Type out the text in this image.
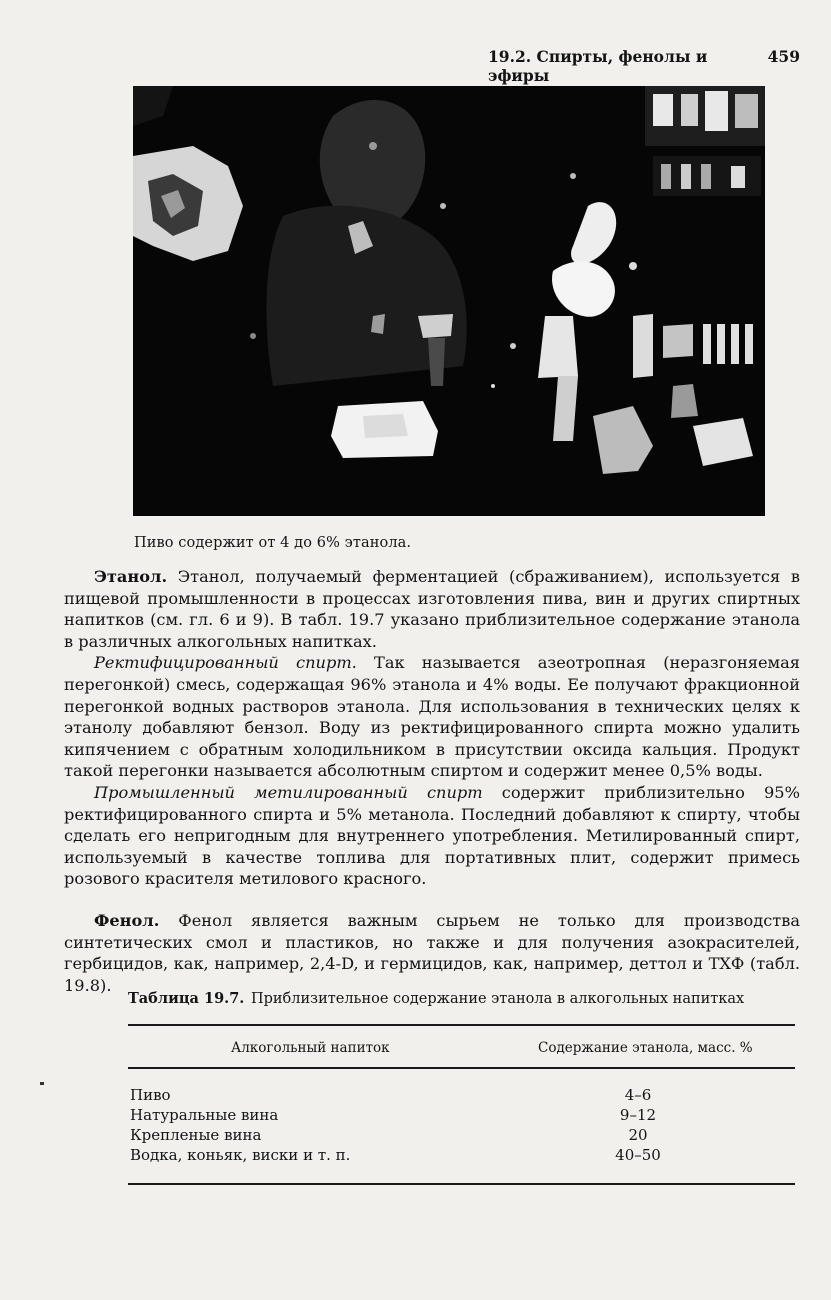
19.2. Спирты, фенолы и эфиры
459
Пиво содержит от 4 до 6% этанола.

Этанол. Этанол, получаемый ферментацией (сбраживанием), используется в пищевой промышленности в процессах изготовления пива, вин и других спиртных напитков (см. гл. 6 и 9). В табл. 19.7 указано приблизительное содержание этанола в различных алкогольных напитках.

Ректифицированный спирт. Так называется азеотропная (неразгоняемая перегонкой) смесь, содержащая 96% этанола и 4% воды. Ее получают фракционной перегонкой водных растворов этанола. Для использования в технических целях к этанолу добавляют бензол. Воду из ректифицированного спирта можно удалить кипячением с обратным холодильником в присутствии оксида кальция. Продукт такой перегонки называется абсолютным спиртом и содержит менее 0,5% воды.

Промышленный метилированный спирт содержит приблизительно 95% ректифицированного спирта и 5% метанола. Последний добавляют к спирту, чтобы сделать его непригодным для внутреннего употребления. Метилированный спирт, используемый в качестве топлива для портативных плит, содержит примесь розового красителя метилового красного.

Фенол. Фенол является важным сырьем не только для производства синтетических смол и пластиков, но также и для получения азокрасителей, гербицидов, как, например, 2,4-D, и гермицидов, как, например, деттол и ТХФ (табл. 19.8).

Таблица 19.7. Приблизительное содержание этанола в алкогольных напитках
Алкогольный напиток	Содержание этанола, масс. %
Пиво	4–6
Натуральные вина	9–12
Крепленые вина	20
Водка, коньяк, виски и т. п.	40–50
